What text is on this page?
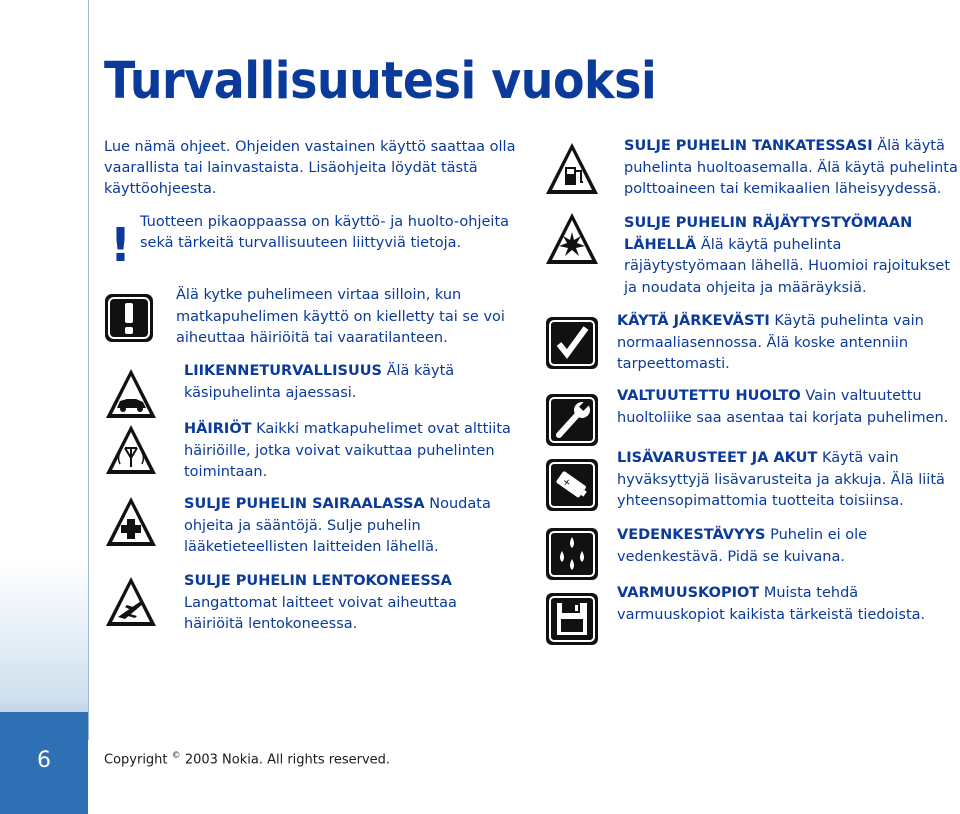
6
Turvallisuutesi vuoksi
Lue nämä ohjeet. Ohjeiden vastainen käyttö saattaa olla vaarallista tai lainvastaista. Lisäohjeita löydät tästä käyttöohjeesta.
! Tuotteen pikaoppaassa on käyttö- ja huolto-ohjeita sekä tärkeitä turvallisuuteen liittyviä tietoja.
Älä kytke puhelimeen virtaa silloin, kun matkapuhelimen käyttö on kielletty tai se voi aiheuttaa häiriöitä tai vaaratilanteen.
LIIKENNETURVALLISUUS Älä käytä käsipuhelinta ajaessasi.
HÄIRIÖT Kaikki matkapuhelimet ovat alttiita häiriöille, jotka voivat vaikuttaa puhelinten toimintaan.
SULJE PUHELIN SAIRAALASSA Noudata ohjeita ja sääntöjä. Sulje puhelin lääketieteellisten laitteiden lähellä.
SULJE PUHELIN LENTOKONEESSA
Langattomat laitteet voivat aiheuttaa häiriöitä lentokoneessa.
+
SULJE PUHELIN TANKATESSASI Älä käytä puhelinta huoltoasemalla. Älä käytä puhelinta polttoaineen tai kemikaalien läheisyydessä.
SULJE PUHELIN RÄJÄYTYSTYÖMAAN LÄHELLÄ Älä käytä puhelinta räjäytystyömaan lähellä. Huomioi rajoitukset ja noudata ohjeita ja määräyksiä.
KÄYTÄ JÄRKEVÄSTI Käytä puhelinta vain normaaliasennossa. Älä koske antenniin tarpeettomasti.
VALTUUTETTU HUOLTO Vain valtuutettu huoltoliike saa asentaa tai korjata puhelimen.
LISÄVARUSTEET JA AKUT Käytä vain hyväksyttyjä lisävarusteita ja akkuja. Älä liitä yhteensopimattomia tuotteita toisiinsa.
VEDENKESTÄVYYS Puhelin ei ole vedenkestävä. Pidä se kuivana.
VARMUUSKOPIOT Muista tehdä varmuuskopiot kaikista tärkeistä tiedoista.
Copyright © 2003 Nokia. All rights reserved.
